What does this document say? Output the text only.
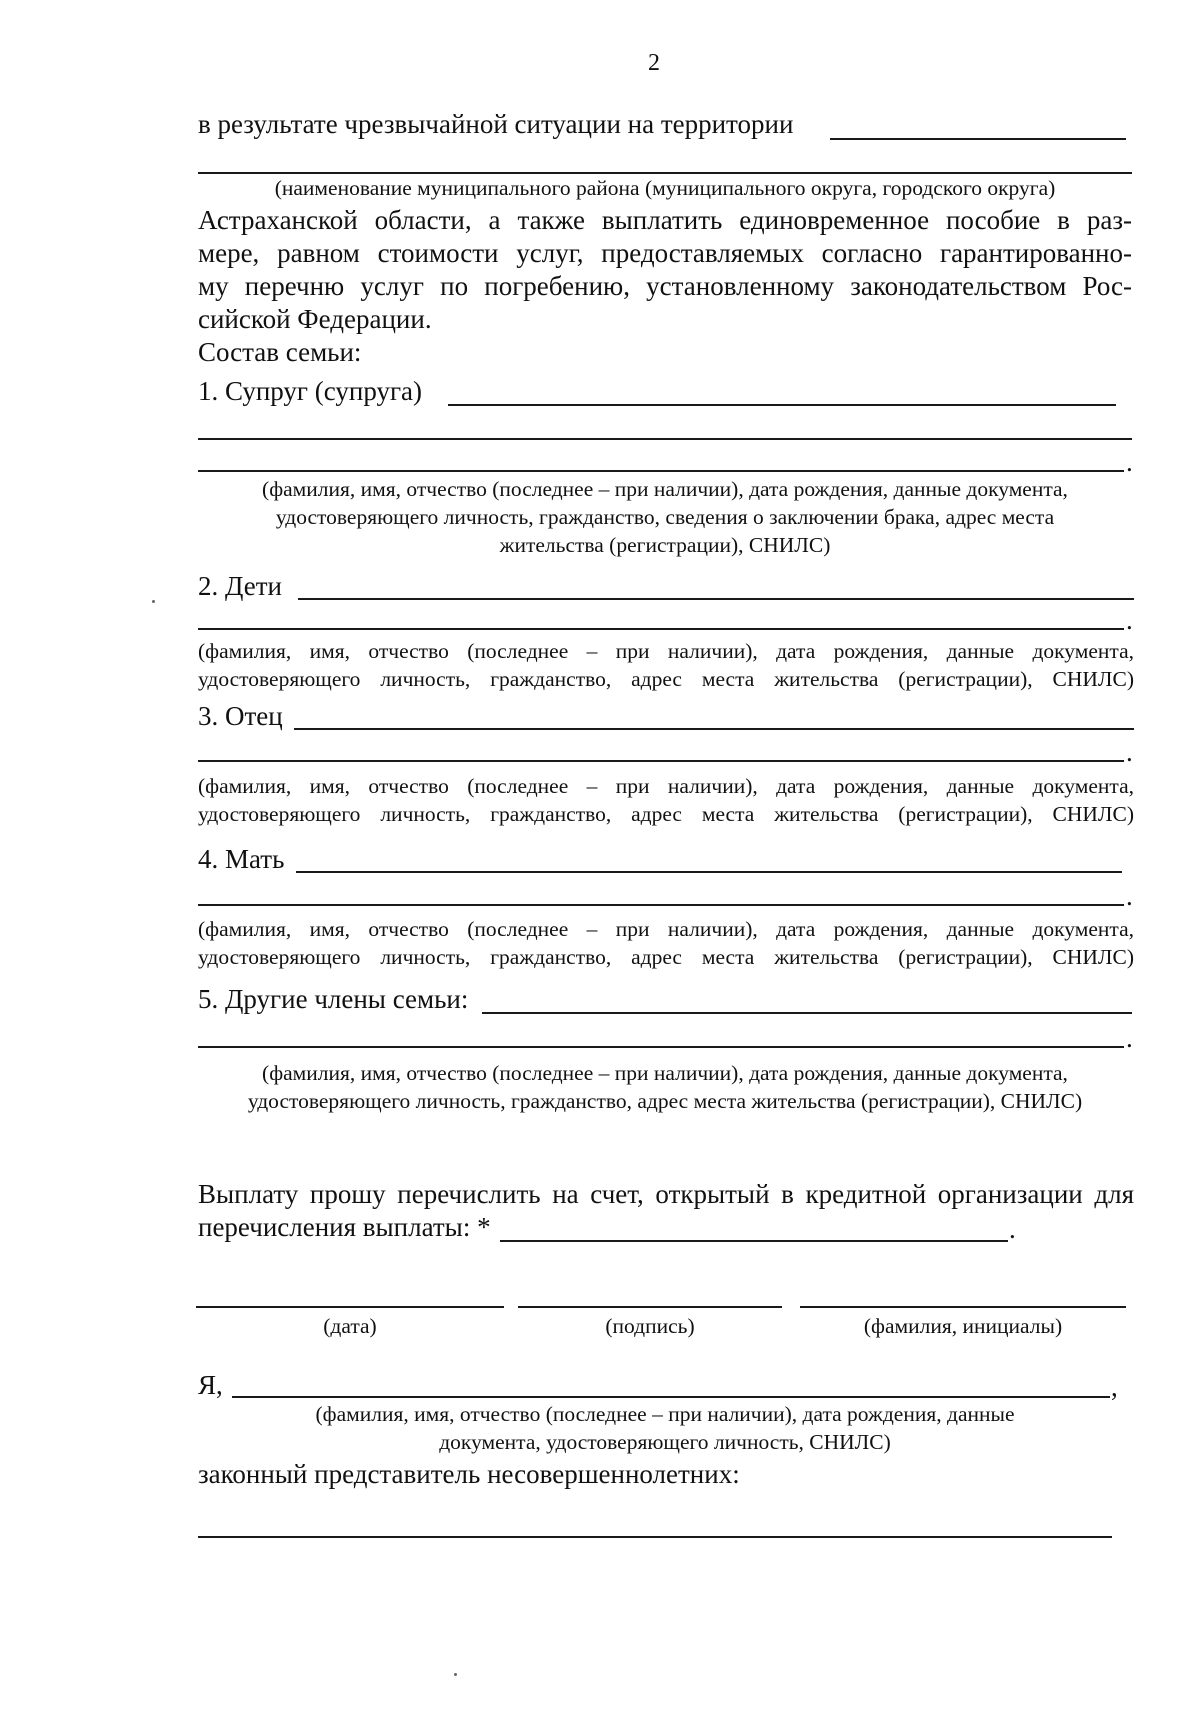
2
в результате чрезвычайной ситуации на территории
(наименование муниципального района (муниципального округа, городского округа)
Астраханской области, а также выплатить единовременное пособие в раз-
мере, равном стоимости услуг, предоставляемых согласно гарантированно-
му перечню услуг по погребению, установленному законодательством Рос-
сийской Федерации.
Состав семьи:
1. Супруг (супруга)
.
(фамилия, имя, отчество (последнее – при наличии), дата рождения, данные документа,
удостоверяющего личность, гражданство, сведения о заключении брака, адрес места
жительства (регистрации), СНИЛС)
2. Дети
.
(фамилия, имя, отчество (последнее – при наличии), дата рождения, данные документа,
удостоверяющего личность, гражданство, адрес места жительства (регистрации), СНИЛС)
3. Отец
.
(фамилия, имя, отчество (последнее – при наличии), дата рождения, данные документа,
удостоверяющего личность, гражданство, адрес места жительства (регистрации), СНИЛС)
4. Мать
.
(фамилия, имя, отчество (последнее – при наличии), дата рождения, данные документа,
удостоверяющего личность, гражданство, адрес места жительства (регистрации), СНИЛС)
5. Другие члены семьи:
.
(фамилия, имя, отчество (последнее – при наличии), дата рождения, данные документа,
удостоверяющего личность, гражданство, адрес места жительства (регистрации), СНИЛС)
Выплату прошу перечислить на счет, открытый в кредитной организации для
перечисления выплаты: *	.
(дата)	(подпись)	(фамилия, инициалы)
Я,	,
(фамилия, имя, отчество (последнее – при наличии), дата рождения, данные
документа, удостоверяющего личность, СНИЛС)
законный представитель несовершеннолетних:
